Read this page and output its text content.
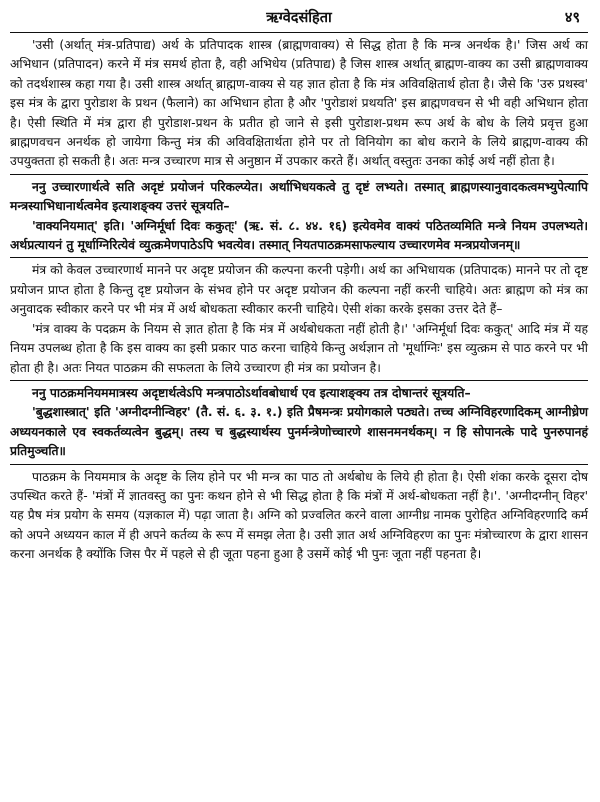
ऋग्वेदसंहिता	४९

'उसी (अर्थात् मंत्र-प्रतिपाद्य) अर्थ के प्रतिपादक शास्त्र (ब्राह्मणवाक्य) से सिद्ध होता है कि मन्त्र अनर्थक है।' जिस अर्थ का अभिधान (प्रतिपादन) करने में मंत्र समर्थ होता है, वही अभिधेय (प्रतिपाद्य) है जिस शास्त्र अर्थात् ब्राह्मण-वाक्य का उसी ब्राह्मणवाक्य को तदर्थशास्त्र कहा गया है। उसी शास्त्र अर्थात् ब्राह्मण-वाक्य से यह ज्ञात होता है कि मंत्र अविवक्षितार्थ होता है। जैसे कि 'उरु प्रथस्व' इस मंत्र के द्वारा पुरोडाश के प्रथन (फैलाने) का अभिधान होता है और 'पुरोडाशं प्रथयति' इस ब्राह्मणवचन से भी वही अभिधान होता है। ऐसी स्थिति में मंत्र द्वारा ही पुरोडाश-प्रथन के प्रतीत हो जाने से इसी पुरोडाश-प्रथम रूप अर्थ के बोध के लिये प्रवृत्त हुआ ब्राह्मणवचन अनर्थक हो जायेगा किन्तु मंत्र की अविवक्षितार्थता होने पर तो विनियोग का बोध कराने के लिये ब्राह्मण-वाक्य की उपयुक्तता हो सकती है। अतः मन्त्र उच्चारण मात्र से अनुष्ठान में उपकार करते हैं। अर्थात् वस्तुतः उनका कोई अर्थ नहीं होता है।

ननु उच्चारणार्थत्वे सति अदृष्टं प्रयोजनं परिकल्प्येत। अर्थाभिधयकत्वे तु दृष्टं लभ्यते। तस्मात् ब्राह्मणस्यानुवादकत्वमभ्युपेत्यापि मन्त्रस्याभिधानार्थत्वमेव इत्याशङ्क्य उत्तरं सूत्रयति–

'वाक्यनियमात्' इति। 'अग्निर्मूर्धा दिवः ककुत्ः' (ऋ. सं. ८. ४४. १६) इत्येवमेव वाक्यं पठितव्यमिति मन्त्रे नियम उपलभ्यते। अर्थप्रत्यायनं तु मूर्धाग्निरित्येवं व्युत्क्रमेणपाठेऽपि भवत्येव। तस्मात् नियतपाठक्रमसाफल्याय उच्चारणमेव मन्त्रप्रयोजनम्॥

मंत्र को केवल उच्चारणार्थ मानने पर अदृष्ट प्रयोजन की कल्पना करनी पड़ेगी। अर्थ का अभिधायक (प्रतिपादक) मानने पर तो दृष्ट प्रयोजन प्राप्त होता है किन्तु दृष्ट प्रयोजन के संभव होने पर अदृष्ट प्रयोजन की कल्पना नहीं करनी चाहिये। अतः ब्राह्मण को मंत्र का अनुवादक स्वीकार करने पर भी मंत्र में अर्थ बोधकता स्वीकार करनी चाहिये। ऐसी शंका करके इसका उत्तर देते हैं–

'मंत्र वाक्य के पदक्रम के नियम से ज्ञात होता है कि मंत्र में अर्थबोधकता नहीं होती है।' 'अग्निर्मूर्धा दिवः ककुत्' आदि मंत्र में यह नियम उपलब्ध होता है कि इस वाक्य का इसी प्रकार पाठ करना चाहिये किन्तु अर्थज्ञान तो 'मूर्धाग्निः' इस व्युत्क्रम से पाठ करने पर भी होता ही है। अतः नियत पाठक्रम की सफलता के लिये उच्चारण ही मंत्र का प्रयोजन है।

ननु पाठक्रमनियममात्रस्य अदृष्टार्थत्वेऽपि मन्त्रपाठोऽर्थावबोधार्थ एव इत्याशङ्क्य तत्र दोषान्तरं सूत्रयति–

'बुद्धशास्त्रात्' इति 'अग्नीदग्नीन्विहर' (तै. सं. ६. ३. १.) इति प्रैषमन्त्रः प्रयोगकाले पठ्यते। तच्च अग्निविहरणादिकम् आग्नीध्रेण अध्ययनकाले एव स्वकर्तव्यत्वेन बुद्धम्। तस्य च बुद्धस्यार्थस्य पुनर्मन्त्रेणोच्चारणे शासनमनर्थकम्। न हि सोपानत्के पादे पुनरुपानहं प्रतिमुञ्चति॥

पाठक्रम के नियममात्र के अदृष्ट के लिय होने पर भी मन्त्र का पाठ तो अर्थबोध के लिये ही होता है। ऐसी शंका करके दूसरा दोष उपस्थित करते हैं- 'मंत्रों में ज्ञातवस्तु का पुनः कथन होने से भी सिद्ध होता है कि मंत्रों में अर्थ-बोधकता नहीं है।'. 'अग्नीदग्नीन् विहर' यह प्रैष मंत्र प्रयोग के समय (यज्ञकाल में) पढ़ा जाता है। अग्नि को प्रज्वलित करने वाला आग्नीध्र नामक पुरोहित अग्निविहरणादि कर्म को अपने अध्ययन काल में ही अपने कर्तव्य के रूप में समझ लेता है। उसी ज्ञात अर्थ अग्निविहरण का पुनः मंत्रोच्चारण के द्वारा शासन करना अनर्थक है क्योंकि जिस पैर में पहले से ही जूता पहना हुआ है उसमें कोई भी पुनः जूता नहीं पहनता है।
